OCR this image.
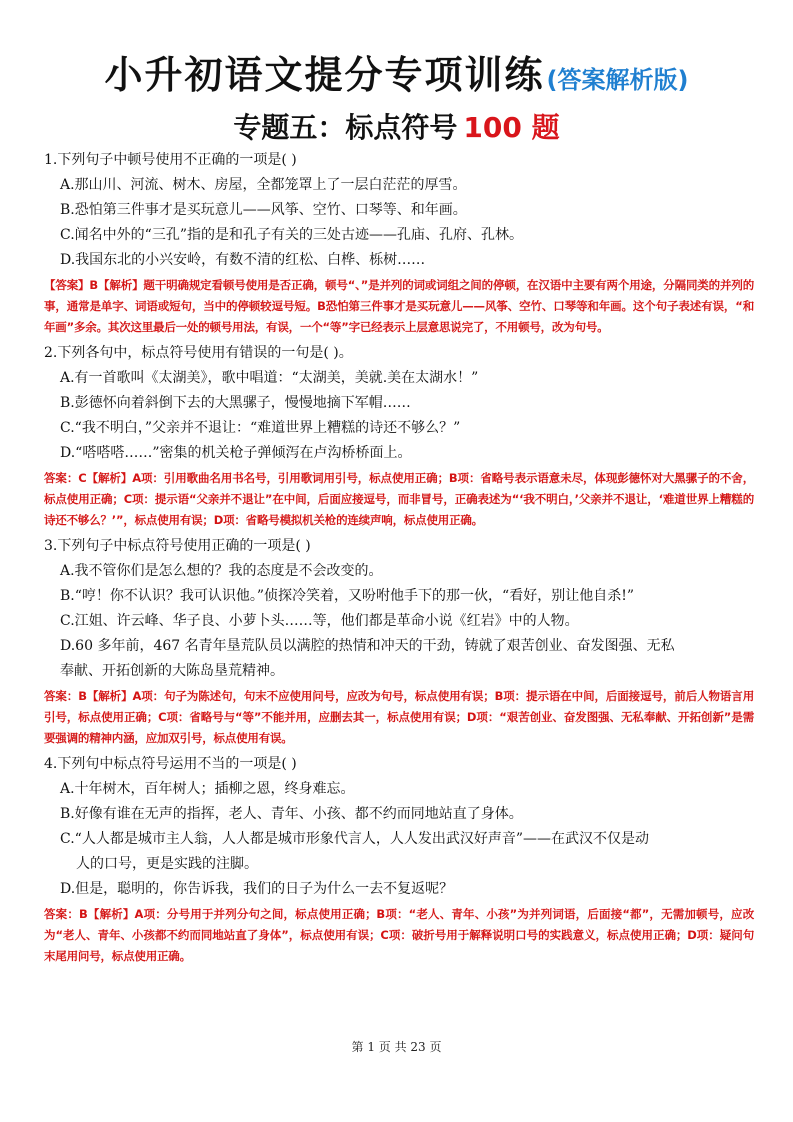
小升初语文提分专项训练(答案解析版)
专题五：标点符号 100 题
1.下列句子中顿号使用不正确的一项是( )
A.那山川、河流、树木、房屋，全都笼罩上了一层白茫茫的厚雪。
B.恐怕第三件事才是买玩意儿——风筝、空竹、口琴等、和年画。
C.闻名中外的“三孔”指的是和孔子有关的三处古迹——孔庙、孔府、孔林。
D.我国东北的小兴安岭，有数不清的红松、白桦、栎树……
【答案】B【解析】题干明确规定看顿号使用是否正确，顿号“、”是并列的词或词组之间的停顿，在汉语中主要有两个用途，分隔同类的并列的事，通常是单字、词语或短句，当中的停顿较逗号短。B恐怕第三件事才是买玩意儿——风筝、空竹、口琴等和年画。这个句子表述有误，“和年画”多余。其次这里最后一处的顿号用法，有误，一个“等”字已经表示上层意思说完了，不用顿号，改为句号。
2.下列各句中，标点符号使用有错误的一句是( )。
A.有一首歌叫《太湖美》，歌中唱道：“太湖美，美就.美在太湖水！”
B.彭德怀向着斜倒下去的大黑骡子，慢慢地摘下军帽……
C.“我不明白，”父亲并不退让：“难道世界上糟糕的诗还不够么？”
D.“嗒嗒嗒……”密集的机关枪子弹倾泻在卢沟桥桥面上。
答案：C【解析】A项：引用歌曲名用书名号，引用歌词用引号，标点使用正确；B项：省略号表示语意未尽，体现彭德怀对大黑骡子的不舍，标点使用正确；C项：提示语“父亲并不退让”在中间，后面应接逗号，而非冒号，正确表述为“‘我不明白，’父亲并不退让，‘难道世界上糟糕的诗还不够么？’”，标点使用有误；D项：省略号模拟机关枪的连续声响，标点使用正确。
3.下列句子中标点符号使用正确的一项是( )
A.我不管你们是怎么想的？我的态度是不会改变的。
B.“哼！你不认识？我可认识他。”侦探冷笑着，又吩咐他手下的那一伙，“看好，别让他自杀!”
C.江姐、许云峰、华子良、小萝卜头……等，他们都是革命小说《红岩》中的人物。
D.60 多年前，467 名青年垦荒队员以满腔的热情和冲天的干劲，铸就了艰苦创业、奋发图强、无私
奉献、开拓创新的大陈岛垦荒精神。
答案：B【解析】A项：句子为陈述句，句末不应使用问号，应改为句号，标点使用有误；B项：提示语在中间，后面接逗号，前后人物语言用引号，标点使用正确；C项：省略号与“等”不能并用，应删去其一，标点使用有误；D项：“艰苦创业、奋发图强、无私奉献、开拓创新”是需要强调的精神内涵，应加双引号，标点使用有误。
4.下列句中标点符号运用不当的一项是( )
A.十年树木，百年树人；插柳之恩，终身难忘。
B.好像有谁在无声的指挥，老人、青年、小孩、都不约而同地站直了身体。
C.“人人都是城市主人翁，人人都是城市形象代言人，人人发出武汉好声音”——在武汉不仅是动
人的口号，更是实践的注脚。
D.但是，聪明的，你告诉我，我们的日子为什么一去不复返呢？
答案：B【解析】A项：分号用于并列分句之间，标点使用正确；B项：“老人、青年、小孩”为并列词语，后面接“都”，无需加顿号，应改为“老人、青年、小孩都不约而同地站直了身体”，标点使用有误；C项：破折号用于解释说明口号的实践意义，标点使用正确；D项：疑问句末尾用问号，标点使用正确。
第 1 页 共 23 页
